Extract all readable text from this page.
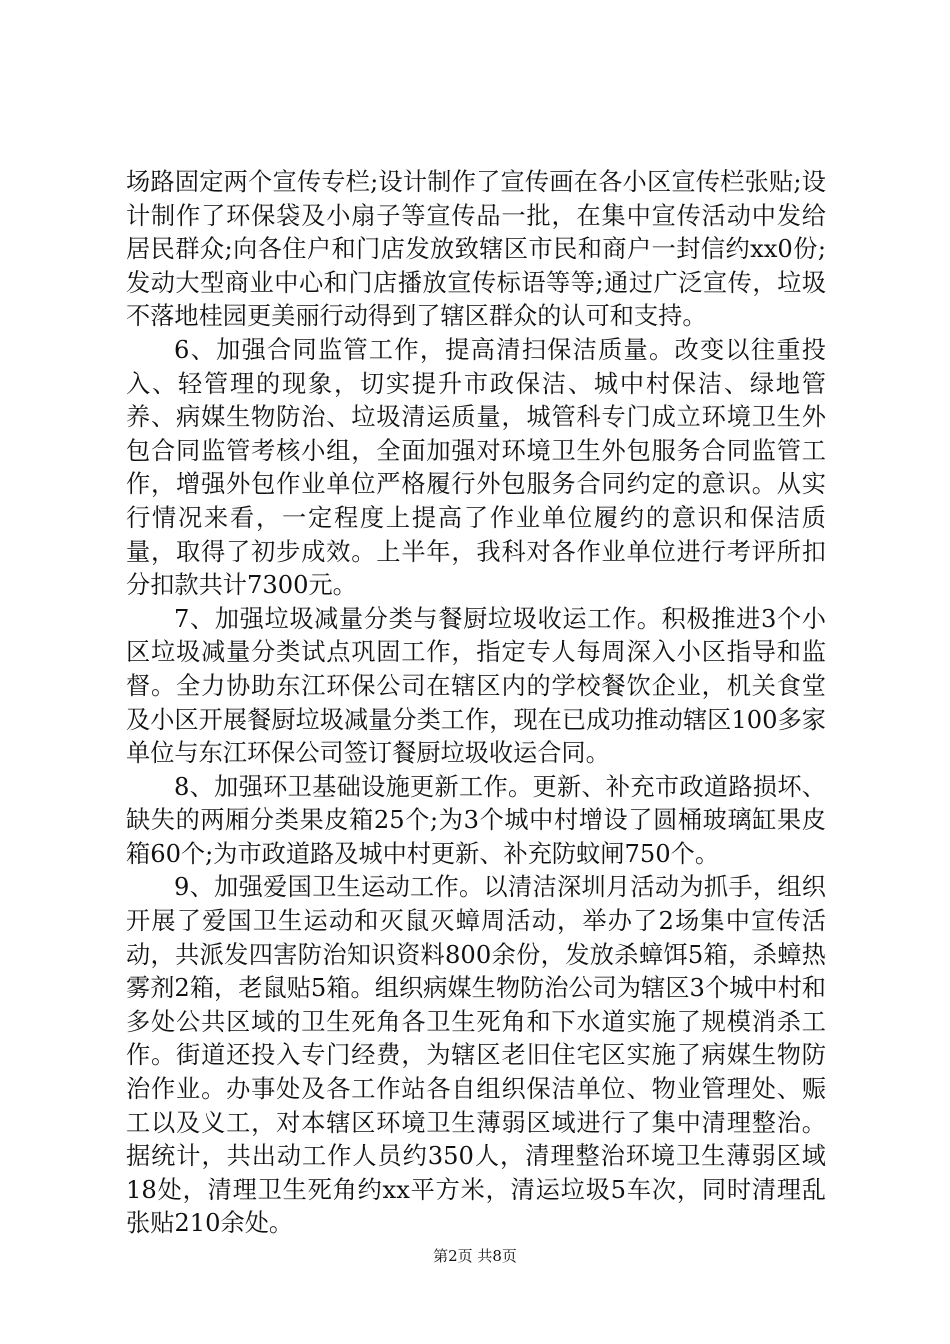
场路固定两个宣传专栏;设计制作了宣传画在各小区宣传栏张贴;设计制作了环保袋及小扇子等宣传品一批，在集中宣传活动中发给居民群众;向各住户和门店发放致辖区市民和商户一封信约xx0份;发动大型商业中心和门店播放宣传标语等等;通过广泛宣传，垃圾不落地桂园更美丽行动得到了辖区群众的认可和支持。

6、加强合同监管工作，提高清扫保洁质量。改变以往重投入、轻管理的现象，切实提升市政保洁、城中村保洁、绿地管养、病媒生物防治、垃圾清运质量，城管科专门成立环境卫生外包合同监管考核小组，全面加强对环境卫生外包服务合同监管工作，增强外包作业单位严格履行外包服务合同约定的意识。从实行情况来看，一定程度上提高了作业单位履约的意识和保洁质量，取得了初步成效。上半年，我科对各作业单位进行考评所扣分扣款共计7300元。

7、加强垃圾减量分类与餐厨垃圾收运工作。积极推进3个小区垃圾减量分类试点巩固工作，指定专人每周深入小区指导和监督。全力协助东江环保公司在辖区内的学校餐饮企业，机关食堂及小区开展餐厨垃圾减量分类工作，现在已成功推动辖区100多家单位与东江环保公司签订餐厨垃圾收运合同。

8、加强环卫基础设施更新工作。更新、补充市政道路损坏、缺失的两厢分类果皮箱25个;为3个城中村增设了圆桶玻璃缸果皮箱60个;为市政道路及城中村更新、补充防蚊闸750个。

9、加强爱国卫生运动工作。以清洁深圳月活动为抓手，组织开展了爱国卫生运动和灭鼠灭蟑周活动，举办了2场集中宣传活动，共派发四害防治知识资料800余份，发放杀蟑饵5箱，杀蟑热雾剂2箱，老鼠贴5箱。组织病媒生物防治公司为辖区3个城中村和多处公共区域的卫生死角各卫生死角和下水道实施了规模消杀工作。街道还投入专门经费，为辖区老旧住宅区实施了病媒生物防治作业。办事处及各工作站各自组织保洁单位、物业管理处、赈工以及义工，对本辖区环境卫生薄弱区域进行了集中清理整治。据统计，共出动工作人员约350人，清理整治环境卫生薄弱区域18处，清理卫生死角约xx平方米，清运垃圾5车次，同时清理乱张贴210余处。

第2页 共8页
